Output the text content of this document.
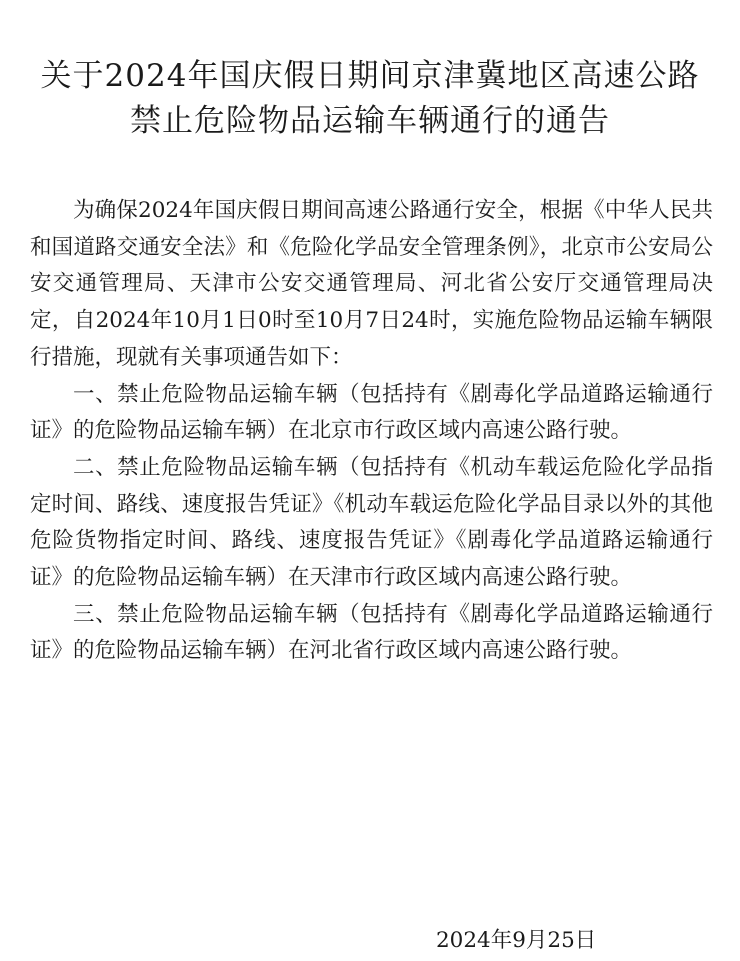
关于2024年国庆假日期间京津冀地区高速公路
禁止危险物品运输车辆通行的通告

为确保2024年国庆假日期间高速公路通行安全，根据《中华人民共和国道路交通安全法》和《危险化学品安全管理条例》，北京市公安局公安交通管理局、天津市公安交通管理局、河北省公安厅交通管理局决定，自2024年10月1日0时至10月7日24时，实施危险物品运输车辆限行措施，现就有关事项通告如下：

一、禁止危险物品运输车辆（包括持有《剧毒化学品道路运输通行证》的危险物品运输车辆）在北京市行政区域内高速公路行驶。

二、禁止危险物品运输车辆（包括持有《机动车载运危险化学品指定时间、路线、速度报告凭证》《机动车载运危险化学品目录以外的其他危险货物指定时间、路线、速度报告凭证》《剧毒化学品道路运输通行证》的危险物品运输车辆）在天津市行政区域内高速公路行驶。

三、禁止危险物品运输车辆（包括持有《剧毒化学品道路运输通行证》的危险物品运输车辆）在河北省行政区域内高速公路行驶。

2024年9月25日
